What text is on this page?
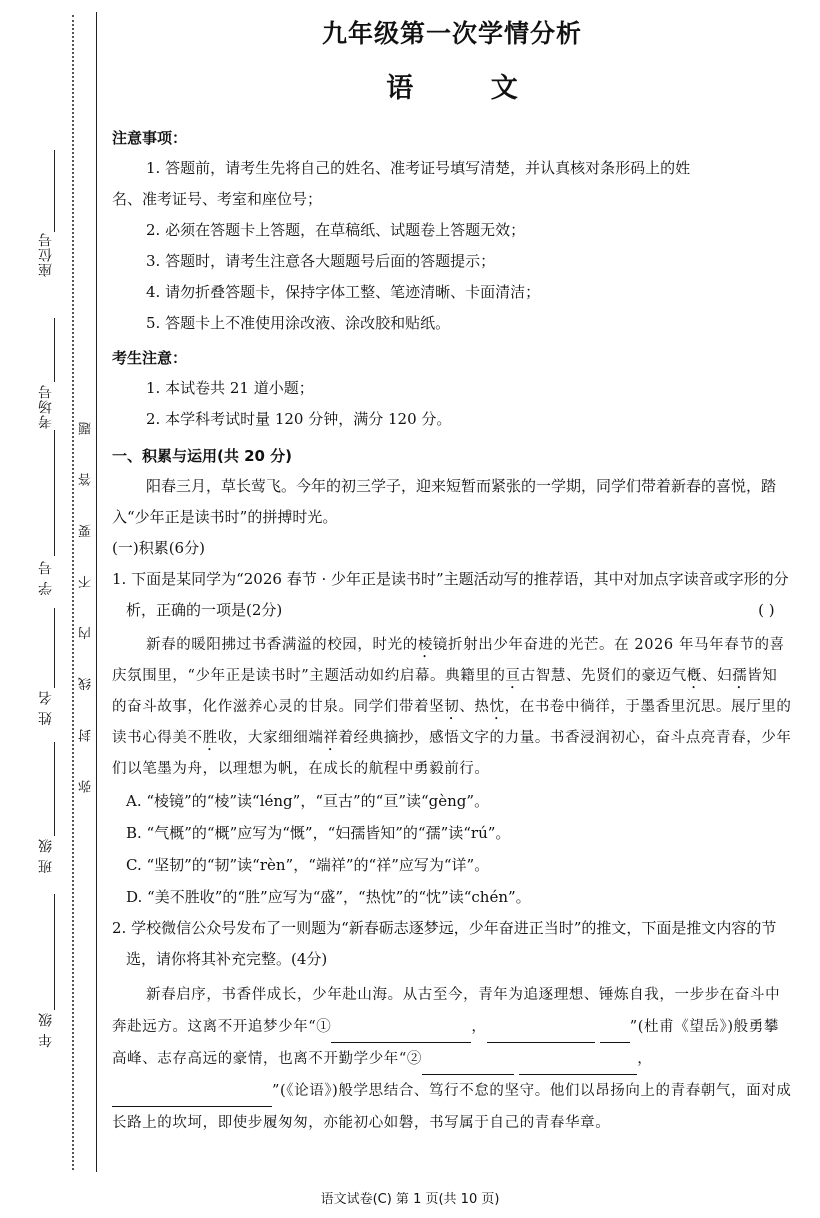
座位号
考场号
学 号
姓 名
班 级
年 级
弥 封 线 内 不 要 答 题
九年级第一次学情分析
语 文
注意事项：

1. 答题前，请考生先将自己的姓名、准考证号填写清楚，并认真核对条形码上的姓

名、准考证号、考室和座位号；

2. 必须在答题卡上答题，在草稿纸、试题卷上答题无效；

3. 答题时，请考生注意各大题题号后面的答题提示；

4. 请勿折叠答题卡，保持字体工整、笔迹清晰、卡面清洁；

5. 答题卡上不准使用涂改液、涂改胶和贴纸。

考生注意：

1. 本试卷共 21 道小题；

2. 本学科考试时量 120 分钟，满分 120 分。

一、积累与运用(共 20 分)

阳春三月，草长莺飞。今年的初三学子，迎来短暂而紧张的一学期，同学们带着新春的喜悦，踏入“少年正是读书时”的拼搏时光。

(一)积累(6分)

1. 下面是某同学为“2026 春节 · 少年正是读书时”主题活动写的推荐语，其中对加点字读音或字形的分析，正确的一项是(2分)	( )

新春的暖阳拂过书香满溢的校园，时光的棱镜折射出少年奋进的光芒。在 2026 年马年春节的喜庆氛围里，“少年正是读书时”主题活动如约启幕。典籍里的亘古智慧、先贤们的豪迈气槪、妇孺皆知的奋斗故事，化作滋养心灵的甘泉。同学们带着坚韧、热忱，在书卷中徜徉，于墨香里沉思。展厅里的读书心得美不胜收，大家细细端祥着经典摘抄，感悟文字的力量。书香浸润初心，奋斗点亮青春，少年们以笔墨为舟，以理想为帆，在成长的航程中勇毅前行。

A. “棱镜”的“棱”读“léng”，“亘古”的“亘”读“gèng”。

B. “气概”的“概”应写为“慨”，“妇孺皆知”的“孺”读“rú”。

C. “坚韧”的“韧”读“rèn”，“端祥”的“祥”应写为“详”。

D. “美不胜收”的“胜”应写为“盛”，“热忱”的“忱”读“chén”。

2. 学校微信公众号发布了一则题为“新春砺志逐梦远，少年奋进正当时”的推文，下面是推文内容的节选，请你将其补充完整。(4分)

新春启序，书香伴成长，少年赴山海。从古至今，青年为追逐理想、锤炼自我，一步步在奋斗中奔赴远方。这离不开追梦少年“①	，	”(杜甫《望岳》)般勇攀高峰、志存高远的豪情，也离不开勤学少年“②	，”(《论语》)般学思结合、笃行不怠的坚守。他们以昂扬向上的青春朝气，面对成长路上的坎坷，即使步履匆匆，亦能初心如磐，书写属于自己的青春华章。

语文试卷(C) 第 1 页(共 10 页)
